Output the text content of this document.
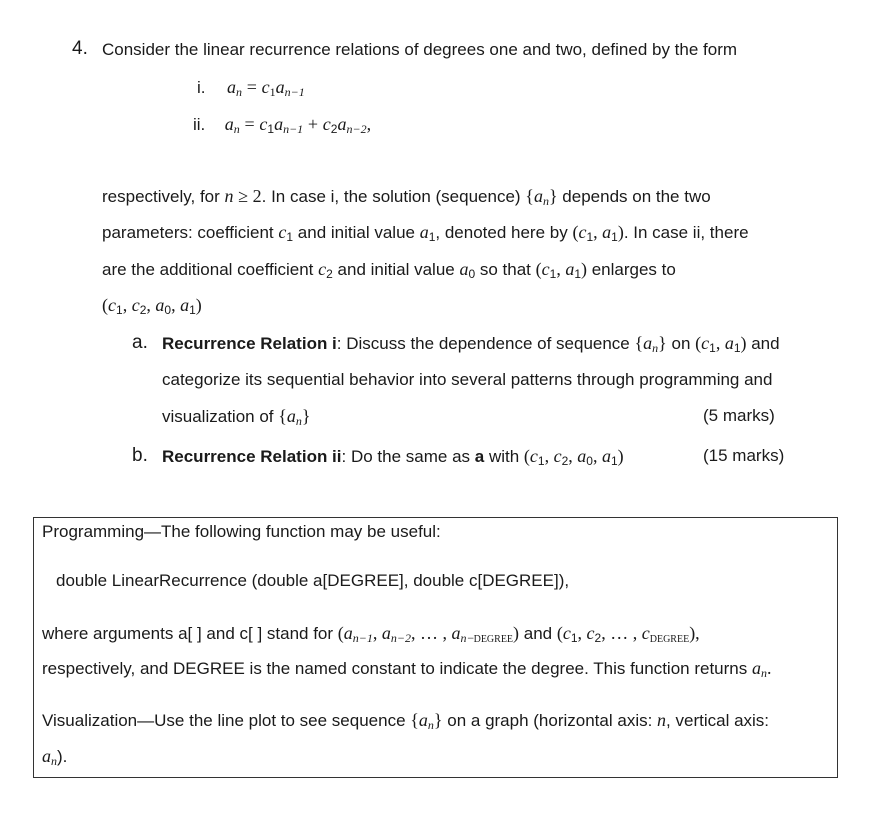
4. Consider the linear recurrence relations of degrees one and two, defined by the form
i. $a_n = c_1a_{n-1}$
ii. $a_n = c_1a_{n-1} + c_2a_{n-2}$,
respectively, for n ≥ 2. In case i, the solution (sequence) $\{a_n\}$ depends on the two
parameters: coefficient $c_1$ and initial value $a_1$, denoted here by ($c_1$, $a_1$). In case ii, there
are the additional coefficient $c_2$ and initial value $a_0$ so that ($c_1$, $a_1$) enlarges to
($c_1$, $c_2$, $a_0$, $a_1$)
a. Recurrence Relation i: Discuss the dependence of sequence $\{a_n\}$ on ($c_1$, $a_1$) and
categorize its sequential behavior into several patterns through programming and
visualization of $\{a_n\}$	(5 marks)
b. Recurrence Relation ii: Do the same as a with ($c_1$, $c_2$, $a_0$, $a_1$)	(15 marks)
Programming—The following function may be useful:
double LinearRecurrence (double a[DEGREE], double c[DEGREE]),
where arguments a[ ] and c[ ] stand for ($a_{n-1}$, $a_{n-2}$, … , $a_{n-DEGREE}$) and ($c_1$, $c_2$, … , $c_{DEGREE}$),
respectively, and DEGREE is the named constant to indicate the degree. This function returns $a_n$.
Visualization—Use the line plot to see sequence $\{a_n\}$ on a graph (horizontal axis: n, vertical axis:
$a_n$).
